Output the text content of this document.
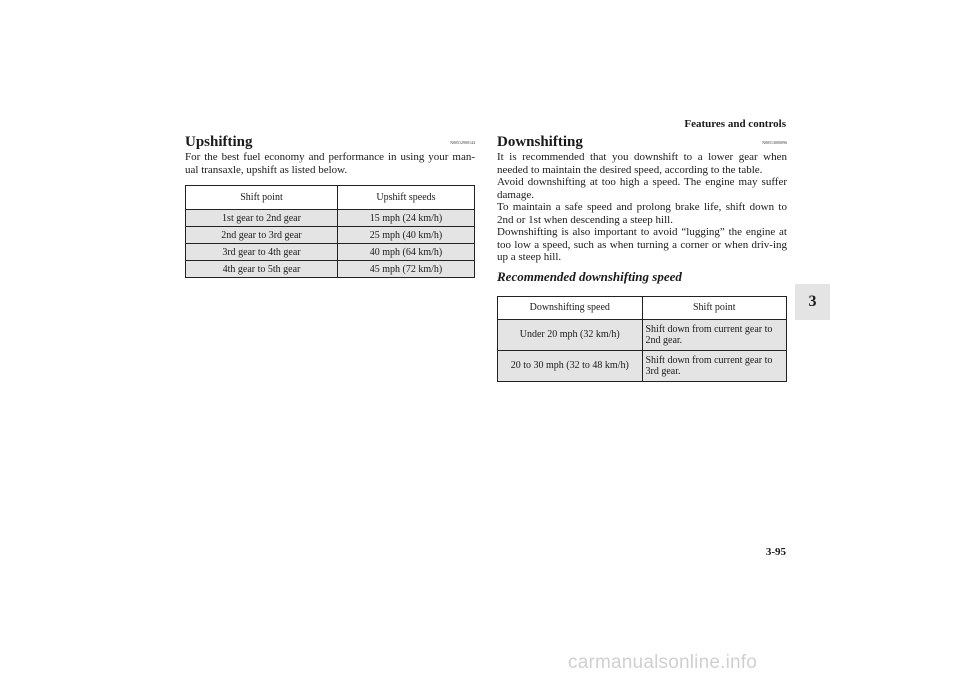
Features and controls
3
Upshifting	N00512900144

For the best fuel economy and performance in using your man-ual transaxle, upshift as listed below.

Shift point	Upshift speeds
1st gear to 2nd gear	15 mph (24 km/h)
2nd gear to 3rd gear	25 mph (40 km/h)
3rd gear to 4th gear	40 mph (64 km/h)
4th gear to 5th gear	45 mph (72 km/h)
Downshifting	N00513000096

It is recommended that you downshift to a lower gear when needed to maintain the desired speed, according to the table.

Avoid downshifting at too high a speed. The engine may suffer damage.

To maintain a safe speed and prolong brake life, shift down to 2nd or 1st when descending a steep hill.

Downshifting is also important to avoid “lugging” the engine at too low a speed, such as when turning a corner or when driv-ing up a steep hill.

Recommended downshifting speed
Downshifting speed	Shift point
Under 20 mph (32 km/h)	Shift down from current gear to 2nd gear.
20 to 30 mph (32 to 48 km/h)	Shift down from current gear to 3rd gear.
3-95
carmanualsonline.info
